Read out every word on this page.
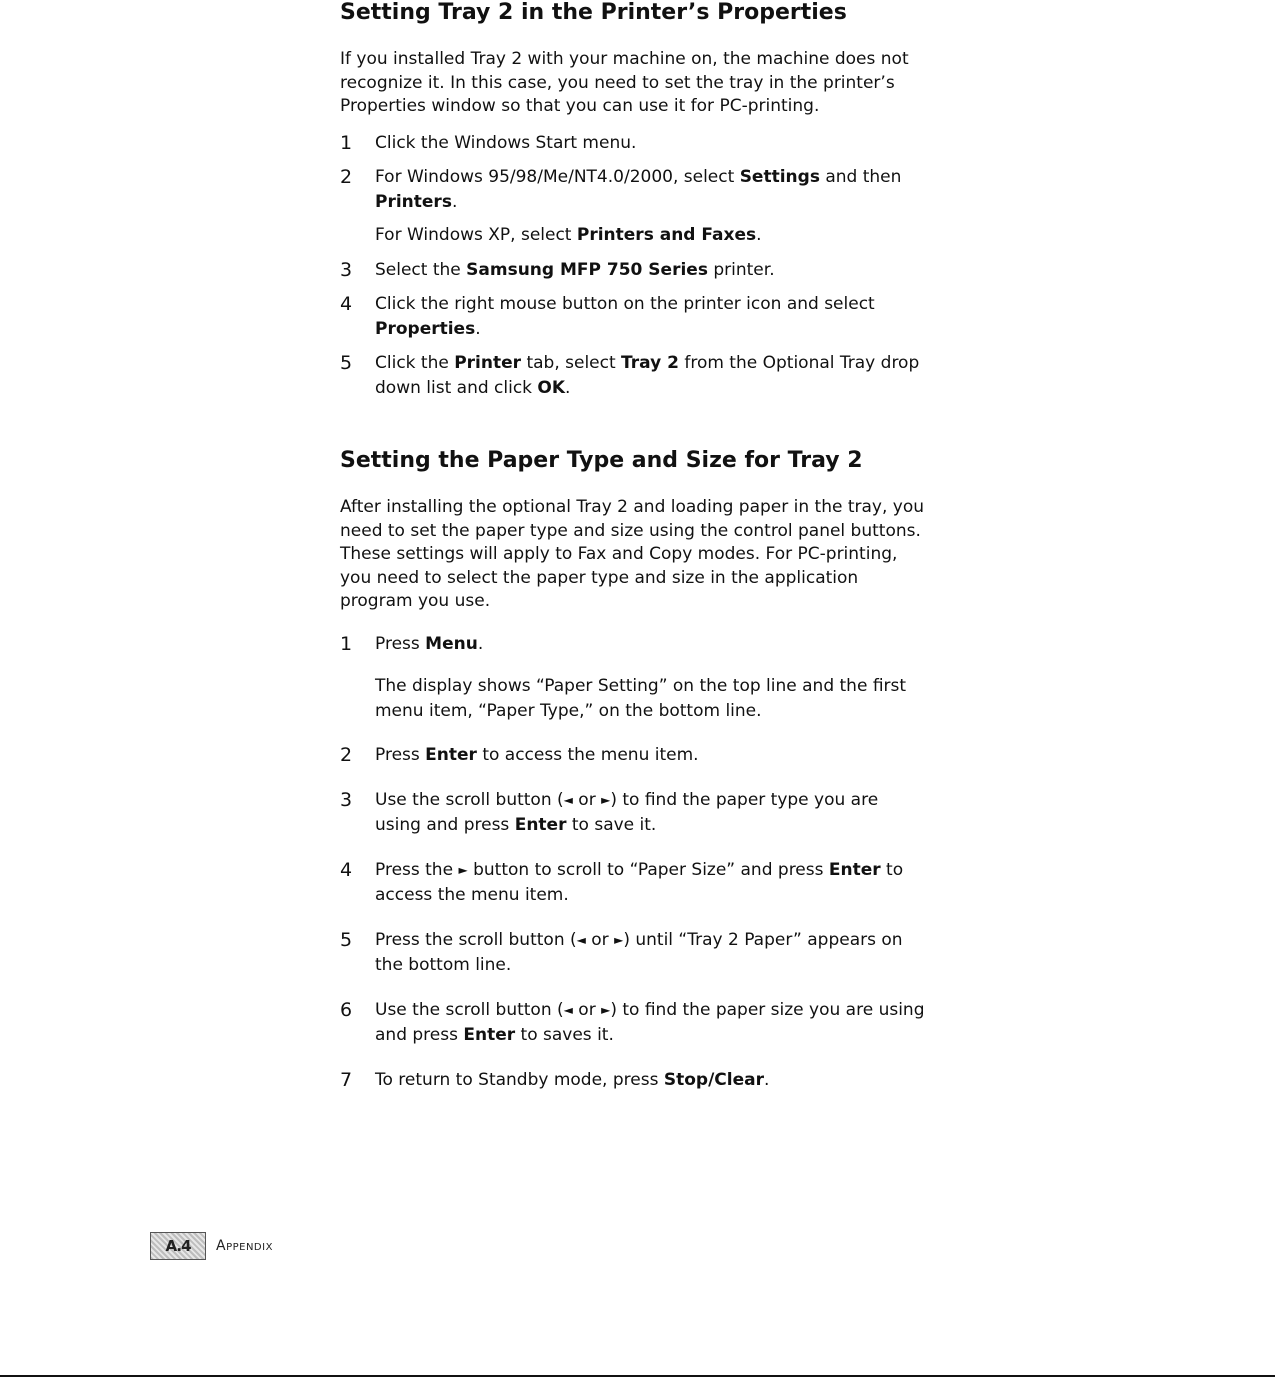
Setting Tray 2 in the Printer’s Properties

If you installed Tray 2 with your machine on, the machine does not recognize it. In this case, you need to set the tray in the printer’s Properties window so that you can use it for PC-printing.

1 Click the Windows Start menu.
2 For Windows 95/98/Me/NT4.0/2000, select Settings and then Printers.
For Windows XP, select Printers and Faxes.
3 Select the Samsung MFP 750 Series printer.
4 Click the right mouse button on the printer icon and select Properties.
5 Click the Printer tab, select Tray 2 from the Optional Tray drop down list and click OK.
Setting the Paper Type and Size for Tray 2

After installing the optional Tray 2 and loading paper in the tray, you need to set the paper type and size using the control panel buttons. These settings will apply to Fax and Copy modes. For PC-printing, you need to select the paper type and size in the application program you use.

1 Press Menu.
The display shows “Paper Setting” on the top line and the first menu item, “Paper Type,” on the bottom line.
2 Press Enter to access the menu item.
3 Use the scroll button (◄ or ►) to find the paper type you are using and press Enter to save it.
4 Press the ► button to scroll to “Paper Size” and press Enter to access the menu item.
5 Press the scroll button (◄ or ►) until “Tray 2 Paper” appears on the bottom line.
6 Use the scroll button (◄ or ►) to find the paper size you are using and press Enter to saves it.
7 To return to Standby mode, press Stop/Clear.
A.4	Appendix
